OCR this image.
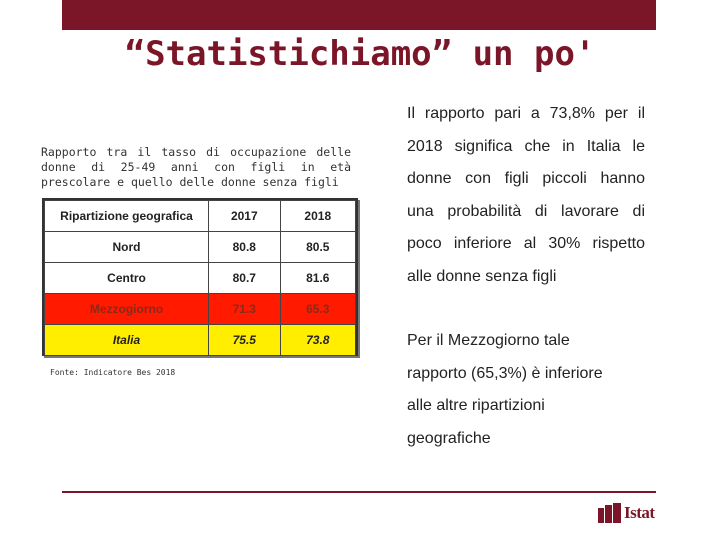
“Statistichiamo” un po'
Rapporto tra il tasso di occupazione delle donne di 25-49 anni con figli in età prescolare e quello delle donne senza figli
Ripartizione geografica	2017	2018
Nord	80.8	80.5
Centro	80.7	81.6
Mezzogiorno	71.3	65.3
Italia	75.5	73.8
Fonte: Indicatore Bes 2018

Il rapporto pari a 73,8% per il

2018 significa che in Italia le

donne con figli piccoli hanno

una probabilità di lavorare di

poco inferiore al 30% rispetto

alle donne senza figli

Per il Mezzogiorno tale

rapporto (65,3%) è inferiore

alle altre ripartizioni

geografiche

Istat
